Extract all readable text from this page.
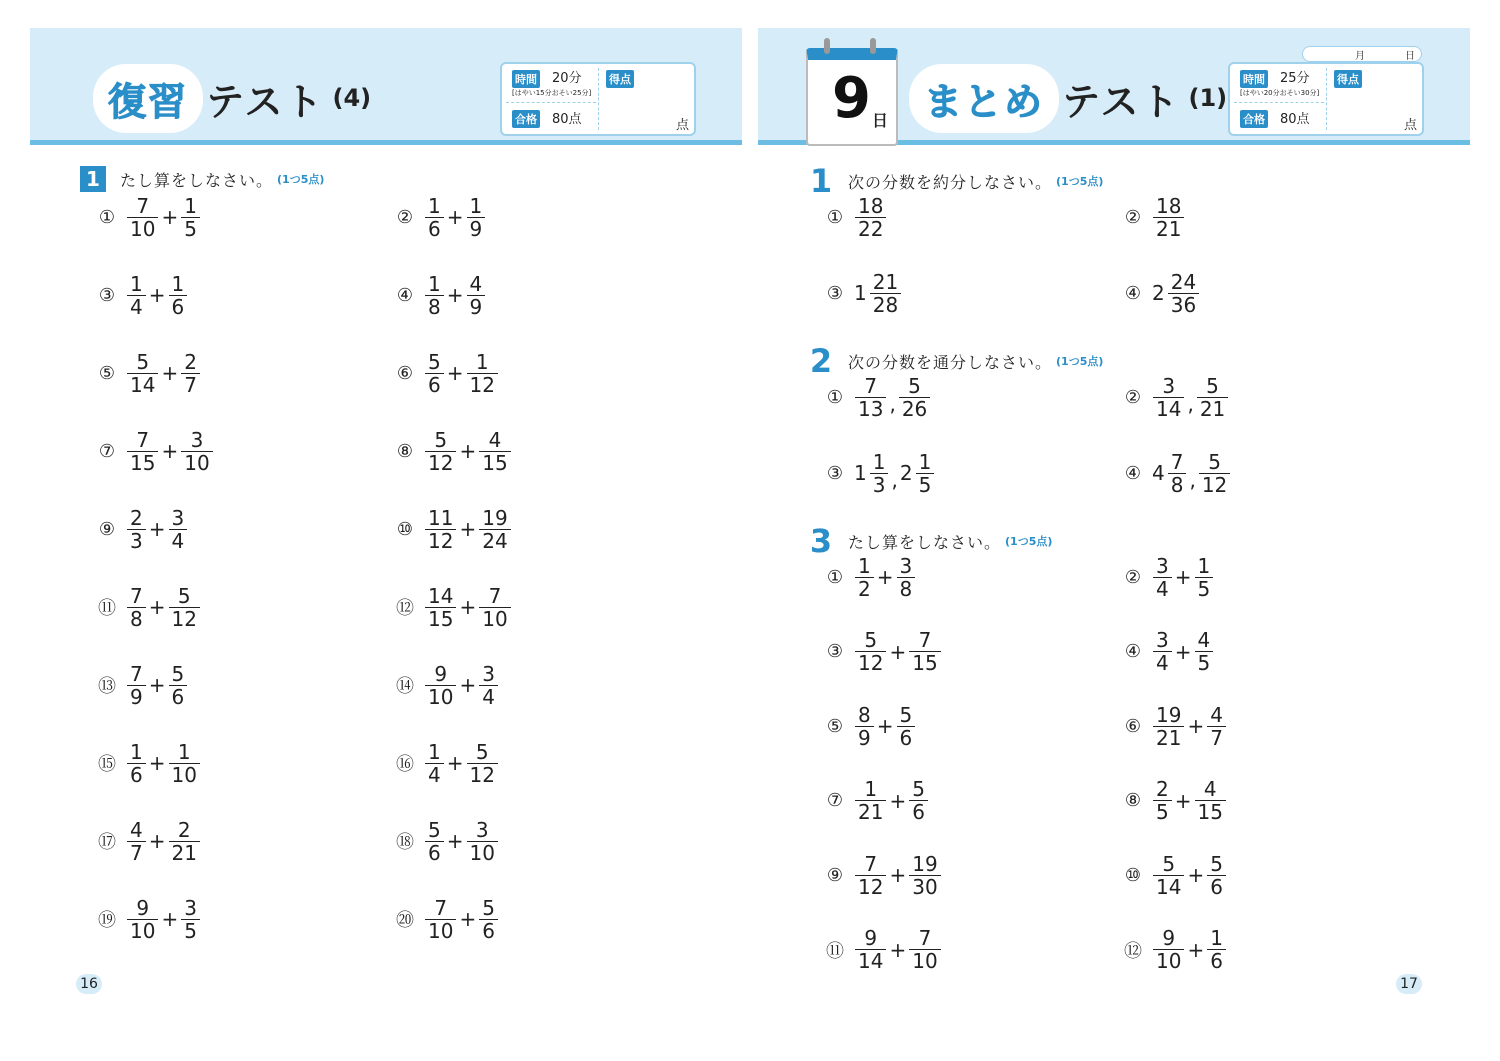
復習 テスト (4)
時間 20分
[はやい15分おそい25分]
合格 80点
得点
点
1	たし算をしなさい。 (1つ5点)
① $\frac{7}{10} + \frac{1}{5}$	② $\frac{1}{6} + \frac{1}{9}$
③ $\frac{1}{4} + \frac{1}{6}$	④ $\frac{1}{8} + \frac{4}{9}$
⑤ $\frac{5}{14} + \frac{2}{7}$	⑥ $\frac{5}{6} + \frac{1}{12}$
⑦ $\frac{7}{15} + \frac{3}{10}$	⑧ $\frac{5}{12} + \frac{4}{15}$
⑨ $\frac{2}{3} + \frac{3}{4}$	⑩ $\frac{11}{12} + \frac{19}{24}$
⑪ $\frac{7}{8} + \frac{5}{12}$	⑫ $\frac{14}{15} + \frac{7}{10}$
⑬ $\frac{7}{9} + \frac{5}{6}$	⑭ $\frac{9}{10} + \frac{3}{4}$
⑮ $\frac{1}{6} + \frac{1}{10}$	⑯ $\frac{1}{4} + \frac{5}{12}$
⑰ $\frac{4}{7} + \frac{2}{21}$	⑱ $\frac{5}{6} + \frac{3}{10}$
⑲ $\frac{9}{10} + \frac{3}{5}$	⑳ $\frac{7}{10} + \frac{5}{6}$
16
9 日 まとめ テスト (1)
月	日
時間 25分
[はやい20分おそい30分]
合格 80点
得点
点
1 次の分数を約分しなさい。 (1つ5点)
2 次の分数を通分しなさい。 (1つ5点)
3 たし算をしなさい。 (1つ5点)
① $\frac{18}{22}$	② $\frac{18}{21}$
③ $1 \frac{21}{28}$	④ $2 \frac{24}{36}$
① $\frac{7}{13}$ , $\frac{5}{26}$	② $\frac{3}{14}$ , $\frac{5}{21}$
③ $1 \frac{1}{3}$ , $2 \frac{1}{5}$	④ $4 \frac{7}{8}$ , $\frac{5}{12}$
① $\frac{1}{2} + \frac{3}{8}$	② $\frac{3}{4} + \frac{1}{5}$
③ $\frac{5}{12} + \frac{7}{15}$	④ $\frac{3}{4} + \frac{4}{5}$
⑤ $\frac{8}{9} + \frac{5}{6}$	⑥ $\frac{19}{21} + \frac{4}{7}$
⑦ $\frac{1}{21} + \frac{5}{6}$	⑧ $\frac{2}{5} + \frac{4}{15}$
⑨ $\frac{7}{12} + \frac{19}{30}$	⑩ $\frac{5}{14} + \frac{5}{6}$
⑪ $\frac{9}{14} + \frac{7}{10}$	⑫ $\frac{9}{10} + \frac{1}{6}$
17
